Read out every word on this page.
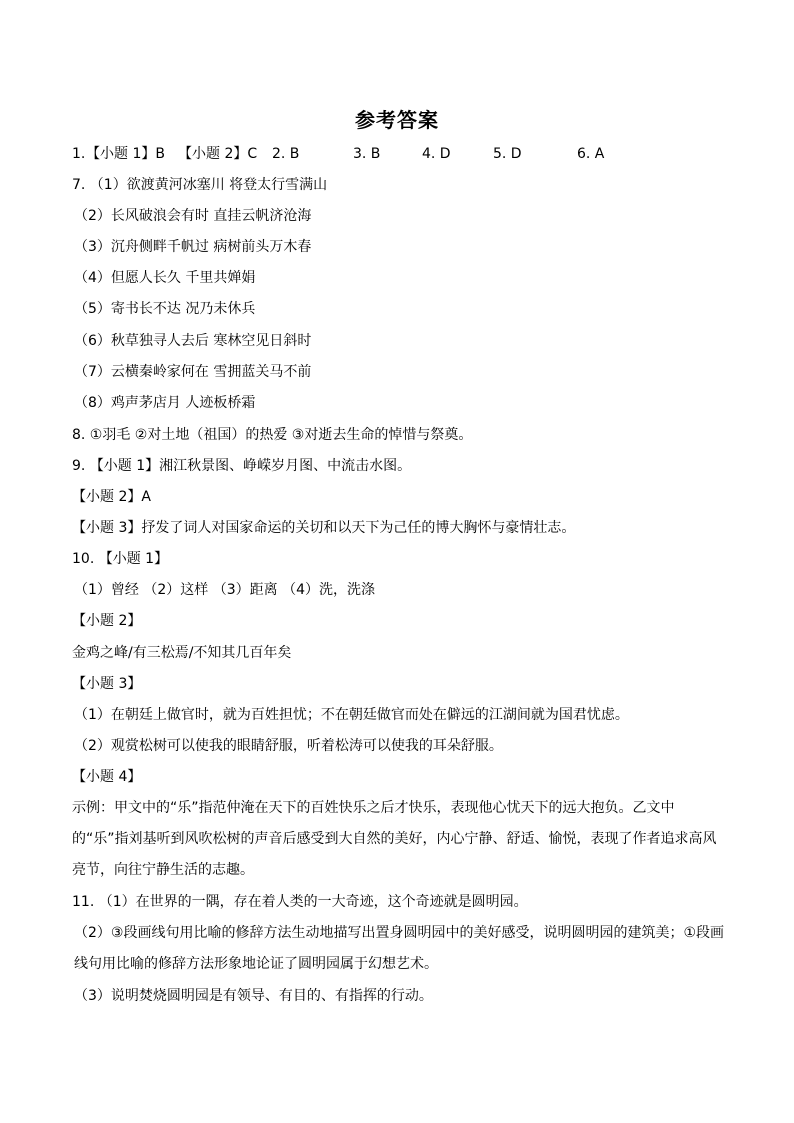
参考答案
1. 【小题 1】B 【小题 2】C 2. B	3. B	4. D	5. D	6. A
7. （1）欲渡黄河冰塞川 将登太行雪满山
（2）长风破浪会有时 直挂云帆济沧海
（3）沉舟侧畔千帆过 病树前头万木春
（4）但愿人长久 千里共婵娟
（5）寄书长不达 况乃未休兵
（6）秋草独寻人去后 寒林空见日斜时
（7）云横秦岭家何在 雪拥蓝关马不前
（8）鸡声茅店月 人迹板桥霜
8. ①羽毛 ②对土地（祖国）的热爱 ③对逝去生命的悼惜与祭奠。
9. 【小题 1】湘江秋景图、峥嵘岁月图、中流击水图。
【小题 2】A
【小题 3】抒发了词人对国家命运的关切和以天下为己任的博大胸怀与豪情壮志。
10. 【小题 1】
（1）曾经 （2）这样 （3）距离 （4）洗，洗涤
【小题 2】
金鸡之峰/有三松焉/不知其几百年矣
【小题 3】
（1）在朝廷上做官时，就为百姓担忧；不在朝廷做官而处在僻远的江湖间就为国君忧虑。
（2）观赏松树可以使我的眼睛舒服，听着松涛可以使我的耳朵舒服。
【小题 4】
示例：甲文中的“乐”指范仲淹在天下的百姓快乐之后才快乐，表现他心忧天下的远大抱负。乙文中的“乐”指刘基听到风吹松树的声音后感受到大自然的美好，内心宁静、舒适、愉悦，表现了作者追求高风亮节，向往宁静生活的志趣。
11. （1）在世界的一隅，存在着人类的一大奇迹，这个奇迹就是圆明园。
（2）③段画线句用比喻的修辞方法生动地描写出置身圆明园中的美好感受，说明圆明园的建筑美；①段画线句用比喻的修辞方法形象地论证了圆明园属于幻想艺术。
（3）说明焚烧圆明园是有领导、有目的、有指挥的行动。
